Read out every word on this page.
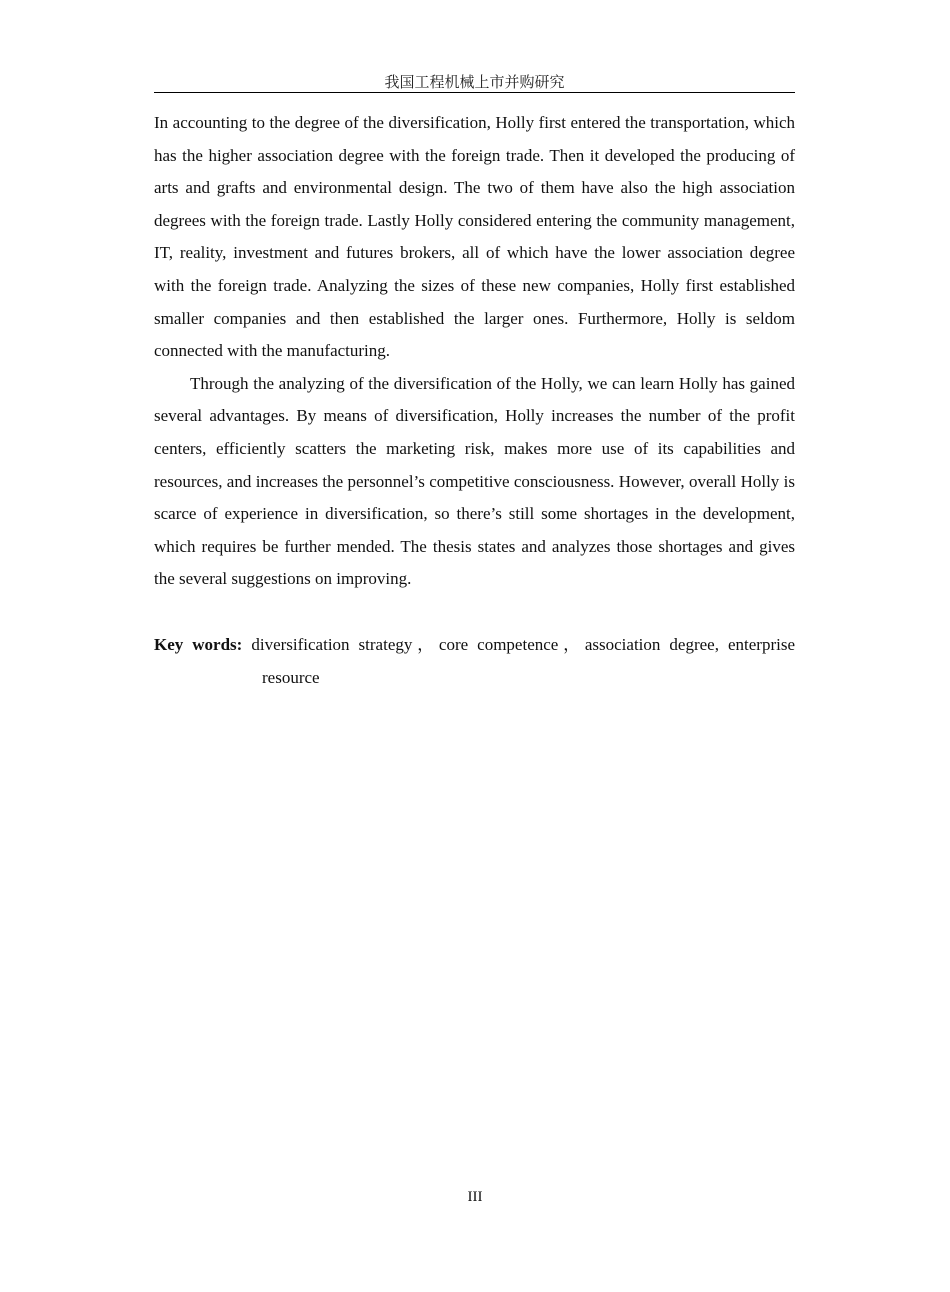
我国工程机械上市并购研究

In accounting to the degree of the diversification, Holly first entered the transportation, which has the higher association degree with the foreign trade. Then it developed the producing of arts and grafts and environmental design. The two of them have also the high association degrees with the foreign trade. Lastly Holly considered entering the community management, IT, reality, investment and futures brokers, all of which have the lower association degree with the foreign trade. Analyzing the sizes of these new companies, Holly first established smaller companies and then established the larger ones. Furthermore, Holly is seldom connected with the manufacturing.

Through the analyzing of the diversification of the Holly, we can learn Holly has gained several advantages. By means of diversification, Holly increases the number of the profit centers, efficiently scatters the marketing risk, makes more use of its capabilities and resources, and increases the personnel’s competitive consciousness. However, overall Holly is scarce of experience in diversification, so there’s still some shortages in the development, which requires be further mended. The thesis states and analyzes those shortages and gives the several suggestions on improving.

Key words: diversification strategy，core competence，association degree, enterprise resource
III
